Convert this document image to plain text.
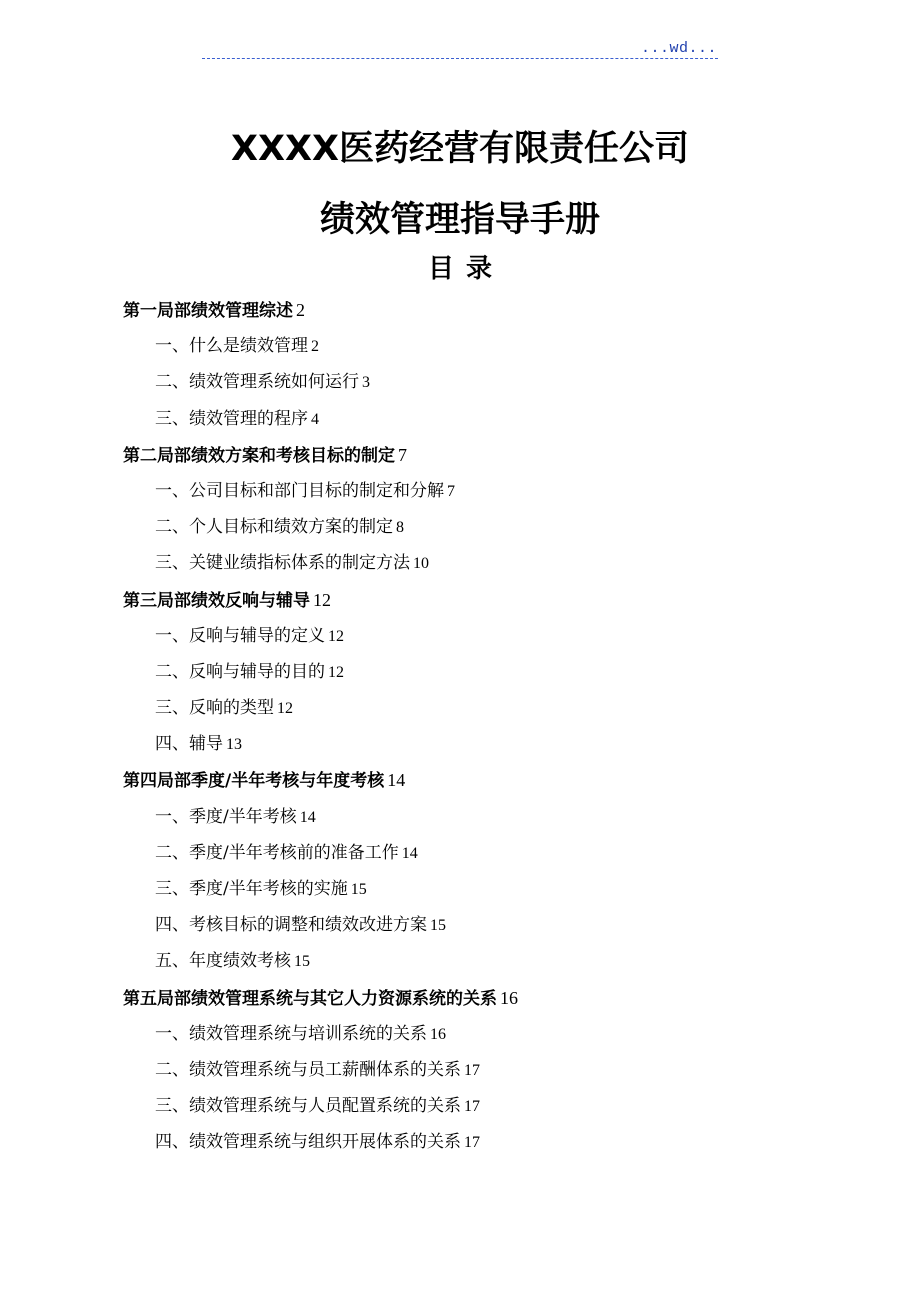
...wd...
XXXX医药经营有限责任公司
绩效管理指导手册
目录
第一局部绩效管理综述 2
一、什么是绩效管理 2
二、绩效管理系统如何运行 3
三、绩效管理的程序 4
第二局部绩效方案和考核目标的制定 7
一、公司目标和部门目标的制定和分解 7
二、个人目标和绩效方案的制定 8
三、关键业绩指标体系的制定方法 10
第三局部绩效反响与辅导 12
一、反响与辅导的定义 12
二、反响与辅导的目的 12
三、反响的类型 12
四、辅导 13
第四局部季度/半年考核与年度考核 14
一、季度/半年考核 14
二、季度/半年考核前的准备工作 14
三、季度/半年考核的实施 15
四、考核目标的调整和绩效改进方案 15
五、年度绩效考核 15
第五局部绩效管理系统与其它人力资源系统的关系 16
一、绩效管理系统与培训系统的关系 16
二、绩效管理系统与员工薪酬体系的关系 17
三、绩效管理系统与人员配置系统的关系 17
四、绩效管理系统与组织开展体系的关系 17
